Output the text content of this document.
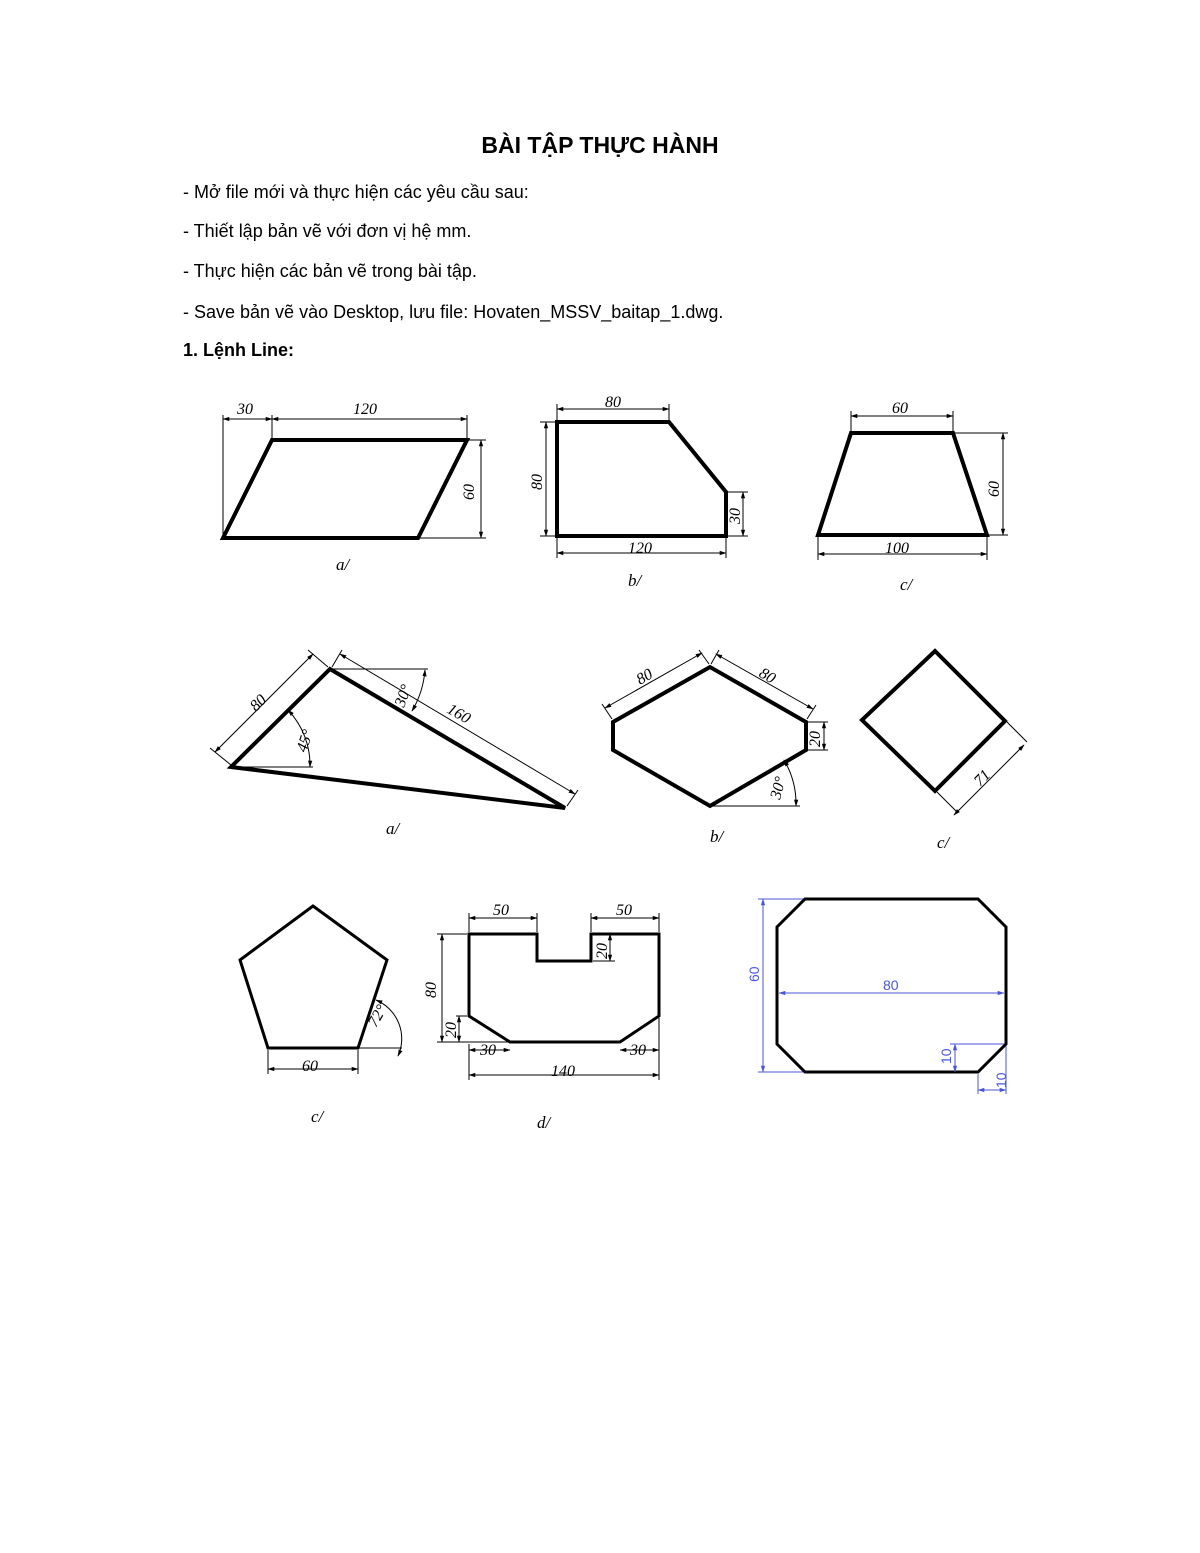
BÀI TẬP THỰC HÀNH
- Mở file mới và thực hiện các yêu cầu sau:
- Thiết lập bản vẽ với đơn vị hệ mm.
- Thực hiện các bản vẽ trong bài tập.
- Save bản vẽ vào Desktop, lưu file: Hovaten_MSSV_baitap_1.dwg.
1. Lệnh Line:
30	120
60
a/
80
80
30
120
b/
60
60
100
c/
80	30°
160
45°
a/
80	80
20
30°
b/
71
c/
60
72°
c/
50	50
80
20
20
30	30
140
d/
60
80
10
10
